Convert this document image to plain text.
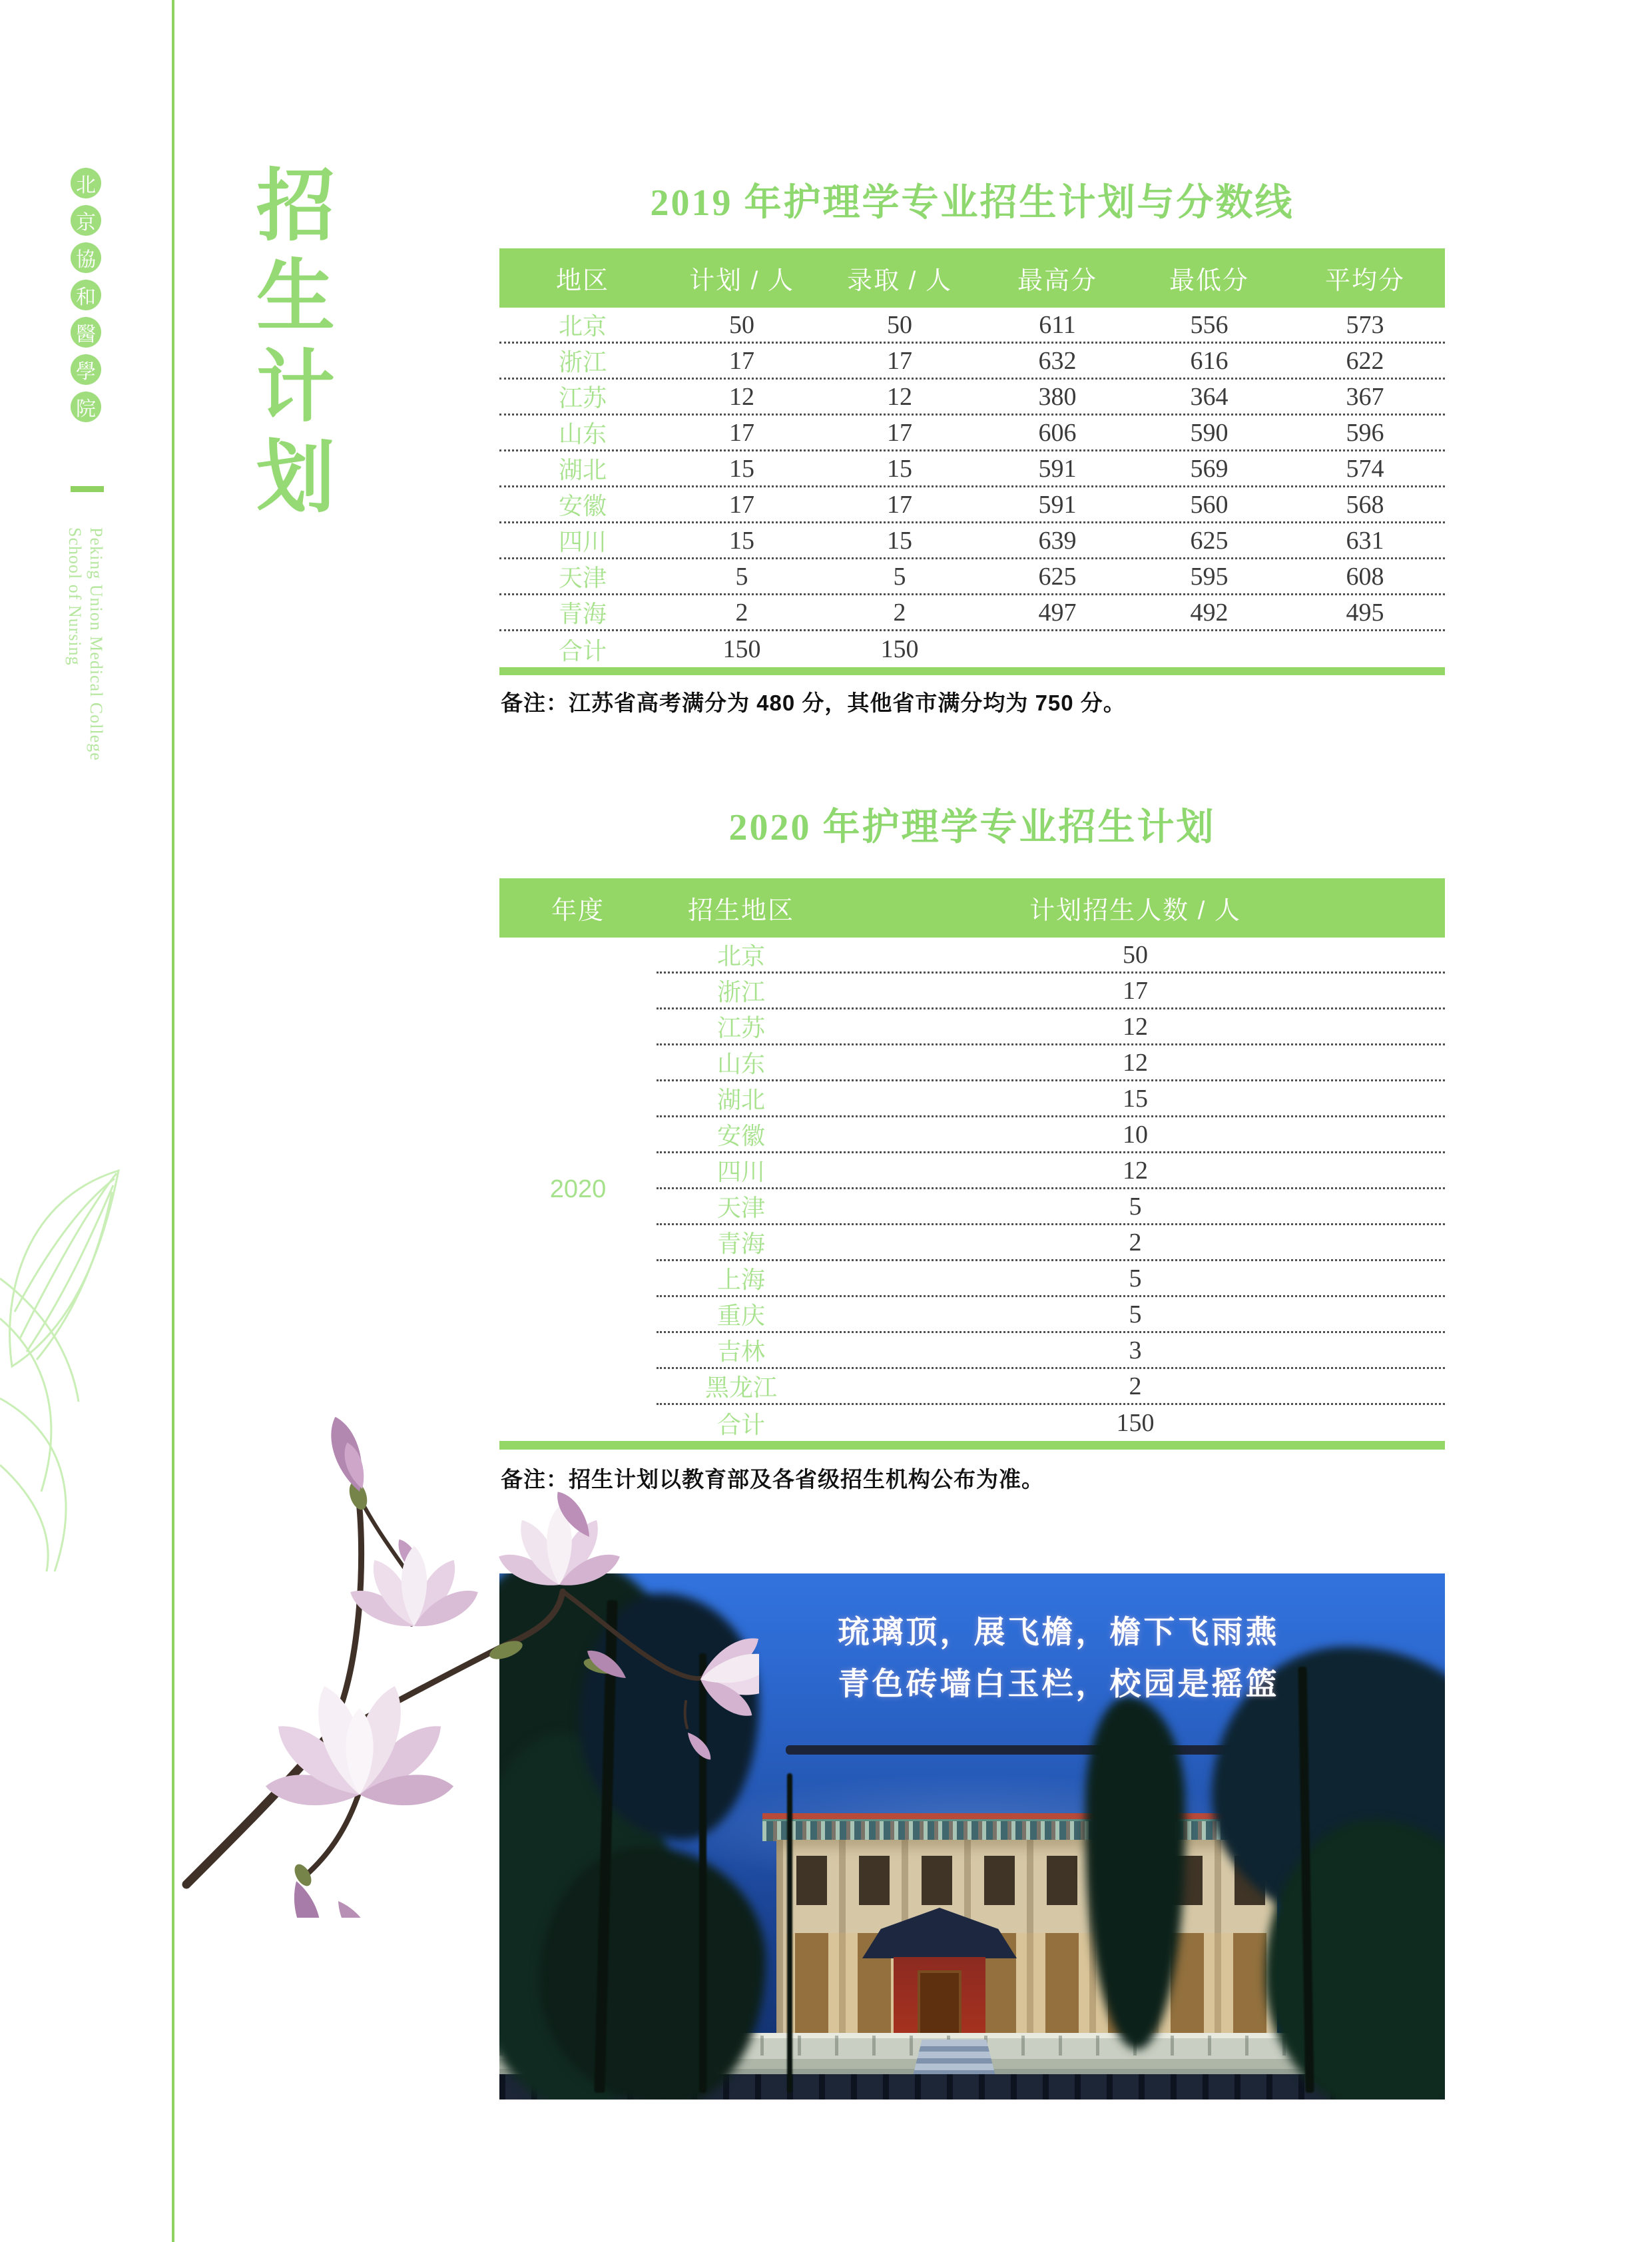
北
京
協
和
醫
學
院
Peking Union Medical College
School of Nursing
招生计划
2019 年护理学专业招生计划与分数线
地区	计划 / 人	录取 / 人	最高分	最低分	平均分
北京	50	50	611	556	573
浙江	17	17	632	616	622
江苏	12	12	380	364	367
山东	17	17	606	590	596
湖北	15	15	591	569	574
安徽	17	17	591	560	568
四川	15	15	639	625	631
天津	5	5	625	595	608
青海	2	2	497	492	495
合计	150	150

备注：江苏省高考满分为 480 分，其他省市满分均为 750 分。

2020 年护理学专业招生计划
年度	招生地区	计划招生人数 / 人
2020
北京	50
浙江	17
江苏	12
山东	12
湖北	15
安徽	10
四川	12
天津	5
青海	2
上海	5
重庆	5
吉林	3
黑龙江	2
合计	150

备注：招生计划以教育部及各省级招生机构公布为准。

琉璃顶，展飞檐，檐下飞雨燕
青色砖墙白玉栏，校园是摇篮
